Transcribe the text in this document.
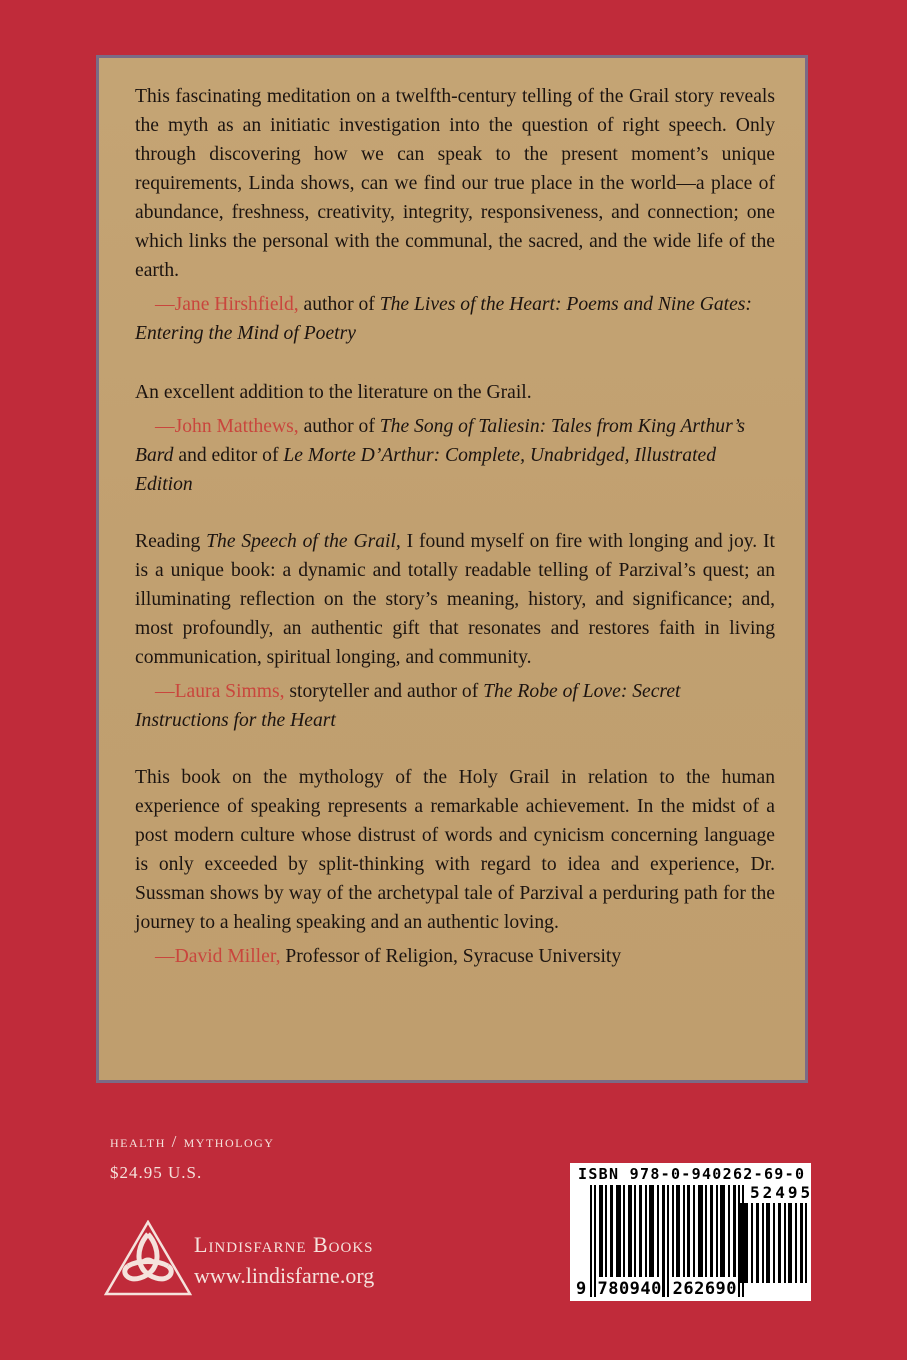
This fascinating meditation on a twelfth-century telling of the Grail story reveals the myth as an initiatic investigation into the question of right speech. Only through discovering how we can speak to the present moment’s unique requirements, Linda shows, can we find our true place in the world—a place of abundance, freshness, creativity, integrity, responsiveness, and connection; one which links the personal with the communal, the sacred, and the wide life of the earth.

—Jane Hirshfield, author of The Lives of the Heart: Poems and Nine Gates: Entering the Mind of Poetry

An excellent addition to the literature on the Grail.

—John Matthews, author of The Song of Taliesin: Tales from King Arthur’s Bard and editor of Le Morte D’Arthur: Complete, Unabridged, Illustrated Edition

Reading The Speech of the Grail, I found myself on fire with longing and joy. It is a unique book: a dynamic and totally readable telling of Parzival’s quest; an illuminating reflection on the story’s meaning, history, and significance; and, most profoundly, an authentic gift that resonates and restores faith in living communication, spiritual longing, and community.

—Laura Simms, storyteller and author of The Robe of Love: Secret Instructions for the Heart

This book on the mythology of the Holy Grail in relation to the human experience of speaking represents a remarkable achievement. In the midst of a post modern culture whose distrust of words and cynicism concerning language is only exceeded by split-thinking with regard to idea and experience, Dr. Sussman shows by way of the archetypal tale of Parzival a perduring path for the journey to a healing speaking and an authentic loving.

—David Miller, Professor of Religion, Syracuse University

health / mythology
$24.95 U.S.
Lindisfarne Books
www.lindisfarne.org
ISBN 978-0-940262-69-0
52495
9 780940 262690
